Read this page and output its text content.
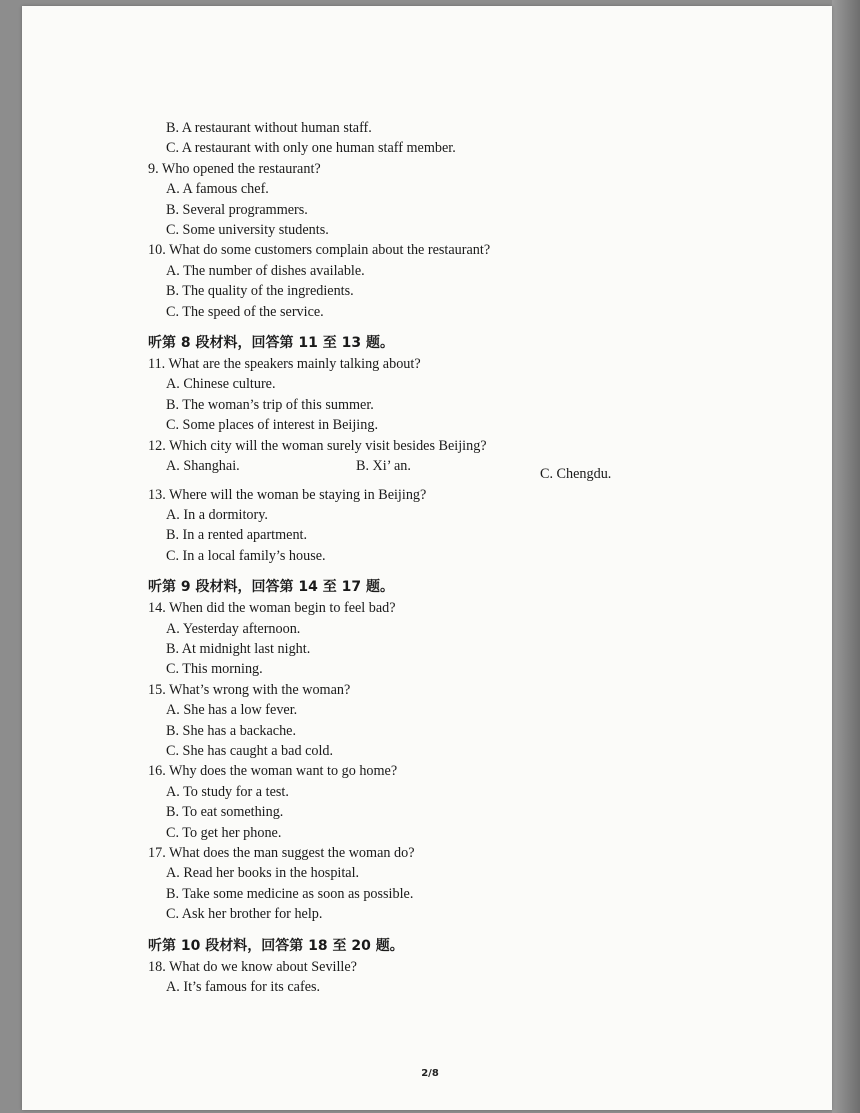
B. A restaurant without human staff.
C. A restaurant with only one human staff member.
9. Who opened the restaurant?
A. A famous chef.
B. Several programmers.
C. Some university students.
10. What do some customers complain about the restaurant?
A. The number of dishes available.
B. The quality of the ingredients.
C. The speed of the service.
听第 8 段材料，回答第 11 至 13 题。
11. What are the speakers mainly talking about?
A. Chinese culture.
B. The woman’s trip of this summer.
C. Some places of interest in Beijing.
12. Which city will the woman surely visit besides Beijing?
A. Shanghai.	B. Xi’ an.	C. Chengdu.
13. Where will the woman be staying in Beijing?
A. In a dormitory.
B. In a rented apartment.
C. In a local family’s house.
听第 9 段材料，回答第 14 至 17 题。
14. When did the woman begin to feel bad?
A. Yesterday afternoon.
B. At midnight last night.
C. This morning.
15. What’s wrong with the woman?
A. She has a low fever.
B. She has a backache.
C. She has caught a bad cold.
16. Why does the woman want to go home?
A. To study for a test.
B. To eat something.
C. To get her phone.
17. What does the man suggest the woman do?
A. Read her books in the hospital.
B. Take some medicine as soon as possible.
C. Ask her brother for help.
听第 10 段材料，回答第 18 至 20 题。
18. What do we know about Seville?
A. It’s famous for its cafes.
2/8
